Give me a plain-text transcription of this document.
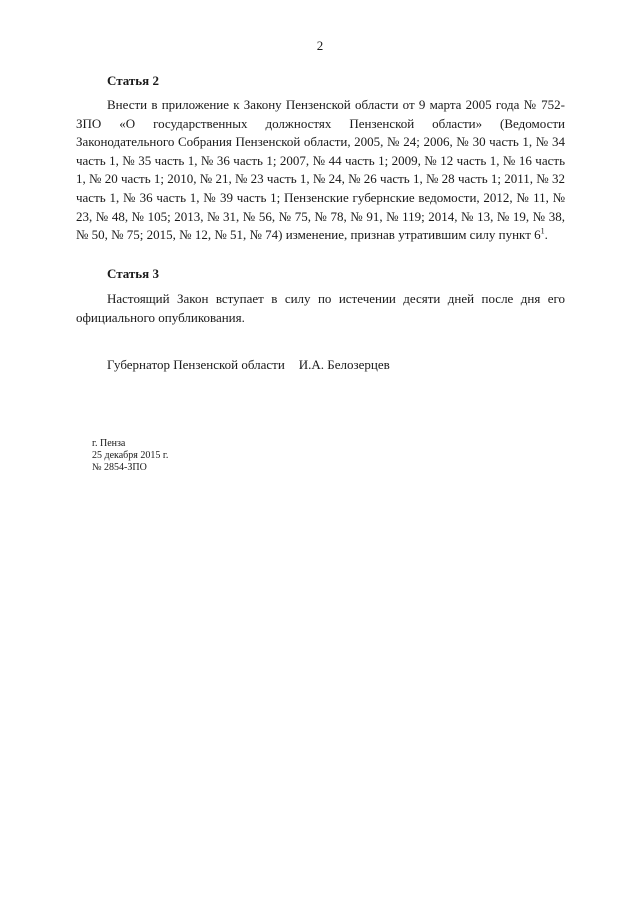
2
Статья 2
Внести в приложение к Закону Пензенской области от 9 марта 2005 года № 752-ЗПО «О государственных должностях Пензенской области» (Ведомости Законодательного Собрания Пензенской области, 2005, № 24; 2006, № 30 часть 1, № 34 часть 1, № 35 часть 1, № 36 часть 1; 2007, № 44 часть 1; 2009, № 12 часть 1, № 16 часть 1, № 20 часть 1; 2010, № 21, № 23 часть 1, № 24, № 26 часть 1, № 28 часть 1; 2011, № 32 часть 1, № 36 часть 1, № 39 часть 1; Пензенские губернские ведомости, 2012, № 11, № 23, № 48, № 105; 2013, № 31, № 56, № 75, № 78, № 91, № 119; 2014, № 13, № 19, № 38, № 50, № 75; 2015, № 12, № 51, № 74) изменение, признав утратившим силу пункт $6^1$.
Статья 3
Настоящий Закон вступает в силу по истечении десяти дней после дня его официального опубликования.
Губернатор Пензенской области И.А. Белозерцев
г. Пенза
25 декабря 2015 г.
№ 2854-ЗПО
